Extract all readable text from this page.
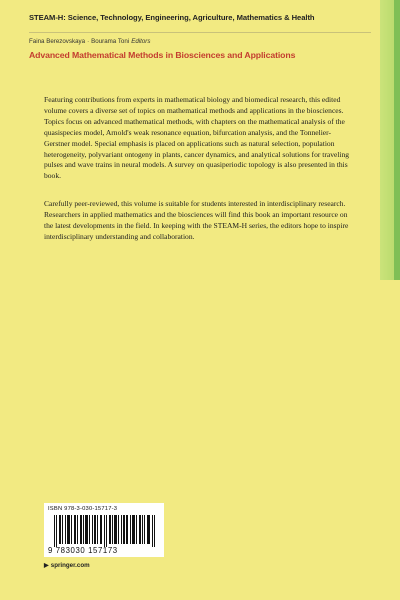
STEAM-H: Science, Technology, Engineering, Agriculture, Mathematics & Health
Faina Berezovskaya · Bourama Toni Editors
Advanced Mathematical Methods in Biosciences and Applications

Featuring contributions from experts in mathematical biology and biomedical research, this edited volume covers a diverse set of topics on mathematical methods and applications in the biosciences. Topics focus on advanced mathematical methods, with chapters on the mathematical analysis of the quasispecies model, Arnold's weak resonance equation, bifurcation analysis, and the Tonnelier-Gerstner model. Special emphasis is placed on applications such as natural selection, population heterogeneity, polyvariant ontogeny in plants, cancer dynamics, and analytical solutions for traveling pulses and wave trains in neural models. A survey on quasiperiodic topology is also presented in this book.

Carefully peer-reviewed, this volume is suitable for students interested in interdisciplinary research. Researchers in applied mathematics and the biosciences will find this book an important resource on the latest developments in the field. In keeping with the STEAM-H series, the editors hope to inspire interdisciplinary understanding and collaboration.

ISBN 978-3-030-15717-3
9 783030 157173
▶ springer.com
